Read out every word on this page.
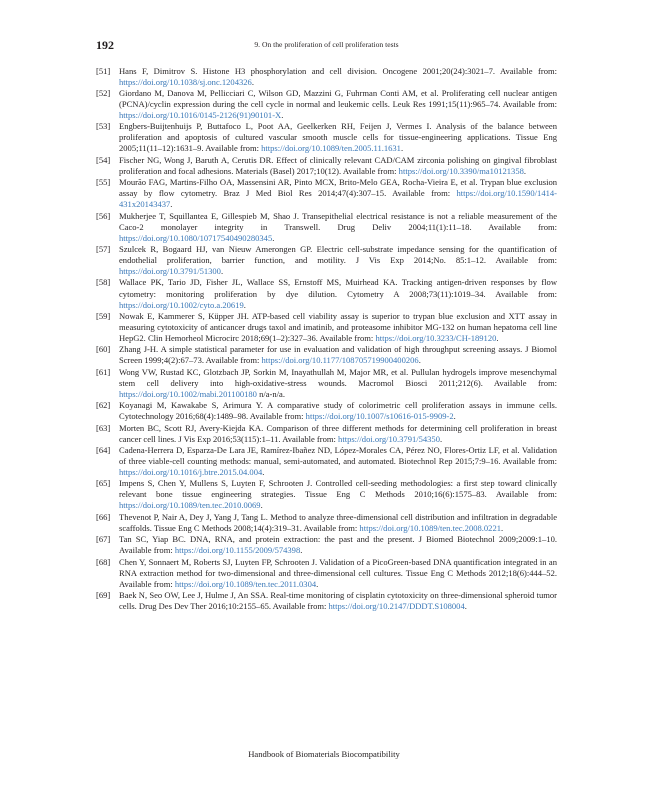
192	9. On the proliferation of cell proliferation tests
[51] Hans F, Dimitrov S. Histone H3 phosphorylation and cell division. Oncogene 2001;20(24):3021–7. Available from: https://doi.org/10.1038/sj.onc.1204326.
[52] Giordano M, Danova M, Pellicciari C, Wilson GD, Mazzini G, Fuhrman Conti AM, et al. Proliferating cell nuclear antigen (PCNA)/cyclin expression during the cell cycle in normal and leukemic cells. Leuk Res 1991;15(11):965–74. Available from: https://doi.org/10.1016/0145-2126(91)90101-X.
[53] Engbers-Buijtenhuijs P, Buttafoco L, Poot AA, Geelkerken RH, Feijen J, Vermes I. Analysis of the balance between proliferation and apoptosis of cultured vascular smooth muscle cells for tissue-engineering applications. Tissue Eng 2005;11(11–12):1631–9. Available from: https://doi.org/10.1089/ten.2005.11.1631.
[54] Fischer NG, Wong J, Baruth A, Cerutis DR. Effect of clinically relevant CAD/CAM zirconia polishing on gingival fibroblast proliferation and focal adhesions. Materials (Basel) 2017;10(12). Available from: https://doi.org/10.3390/ma10121358.
[55] Mourão FAG, Martins-Filho OA, Massensini AR, Pinto MCX, Brito-Melo GEA, Rocha-Vieira E, et al. Trypan blue exclusion assay by flow cytometry. Braz J Med Biol Res 2014;47(4):307–15. Available from: https://doi.org/10.1590/1414-431x20143437.
[56] Mukherjee T, Squillantea E, Gillespieb M, Shao J. Transepithelial electrical resistance is not a reliable measurement of the Caco-2 monolayer integrity in Transwell. Drug Deliv 2004;11(1):11–18. Available from: https://doi.org/10.1080/10717540490280345.
[57] Szulcek R, Bogaard HJ, van Nieuw Amerongen GP. Electric cell-substrate impedance sensing for the quantification of endothelial proliferation, barrier function, and motility. J Vis Exp 2014;No. 85:1–12. Available from: https://doi.org/10.3791/51300.
[58] Wallace PK, Tario JD, Fisher JL, Wallace SS, Ernstoff MS, Muirhead KA. Tracking antigen-driven responses by flow cytometry: monitoring proliferation by dye dilution. Cytometry A 2008;73(11):1019–34. Available from: https://doi.org/10.1002/cyto.a.20619.
[59] Nowak E, Kammerer S, Küpper JH. ATP-based cell viability assay is superior to trypan blue exclusion and XTT assay in measuring cytotoxicity of anticancer drugs taxol and imatinib, and proteasome inhibitor MG-132 on human hepatoma cell line HepG2. Clin Hemorheol Microcirc 2018;69(1–2):327–36. Available from: https://doi.org/10.3233/CH-189120.
[60] Zhang J-H. A simple statistical parameter for use in evaluation and validation of high throughput screening assays. J Biomol Screen 1999;4(2):67–73. Available from: https://doi.org/10.1177/108705719900400206.
[61] Wong VW, Rustad KC, Glotzbach JP, Sorkin M, Inayathullah M, Major MR, et al. Pullulan hydrogels improve mesenchymal stem cell delivery into high-oxidative-stress wounds. Macromol Biosci 2011;212(6). Available from: https://doi.org/10.1002/mabi.201100180 n/a-n/a.
[62] Koyanagi M, Kawakabe S, Arimura Y. A comparative study of colorimetric cell proliferation assays in immune cells. Cytotechnology 2016;68(4):1489–98. Available from: https://doi.org/10.1007/s10616-015-9909-2.
[63] Morten BC, Scott RJ, Avery-Kiejda KA. Comparison of three different methods for determining cell proliferation in breast cancer cell lines. J Vis Exp 2016;53(115):1–11. Available from: https://doi.org/10.3791/54350.
[64] Cadena-Herrera D, Esparza-De Lara JE, Ramírez-Ibañez ND, López-Morales CA, Pérez NO, Flores-Ortiz LF, et al. Validation of three viable-cell counting methods: manual, semi-automated, and automated. Biotechnol Rep 2015;7:9–16. Available from: https://doi.org/10.1016/j.btre.2015.04.004.
[65] Impens S, Chen Y, Mullens S, Luyten F, Schrooten J. Controlled cell-seeding methodologies: a first step toward clinically relevant bone tissue engineering strategies. Tissue Eng C Methods 2010;16(6):1575–83. Available from: https://doi.org/10.1089/ten.tec.2010.0069.
[66] Thevenot P, Nair A, Dey J, Yang J, Tang L. Method to analyze three-dimensional cell distribution and infiltration in degradable scaffolds. Tissue Eng C Methods 2008;14(4):319–31. Available from: https://doi.org/10.1089/ten.tec.2008.0221.
[67] Tan SC, Yiap BC. DNA, RNA, and protein extraction: the past and the present. J Biomed Biotechnol 2009;2009:1–10. Available from: https://doi.org/10.1155/2009/574398.
[68] Chen Y, Sonnaert M, Roberts SJ, Luyten FP, Schrooten J. Validation of a PicoGreen-based DNA quantification integrated in an RNA extraction method for two-dimensional and three-dimensional cell cultures. Tissue Eng C Methods 2012;18(6):444–52. Available from: https://doi.org/10.1089/ten.tec.2011.0304.
[69] Baek N, Seo OW, Lee J, Hulme J, An SSA. Real-time monitoring of cisplatin cytotoxicity on three-dimensional spheroid tumor cells. Drug Des Dev Ther 2016;10:2155–65. Available from: https://doi.org/10.2147/DDDT.S108004.
Handbook of Biomaterials Biocompatibility
